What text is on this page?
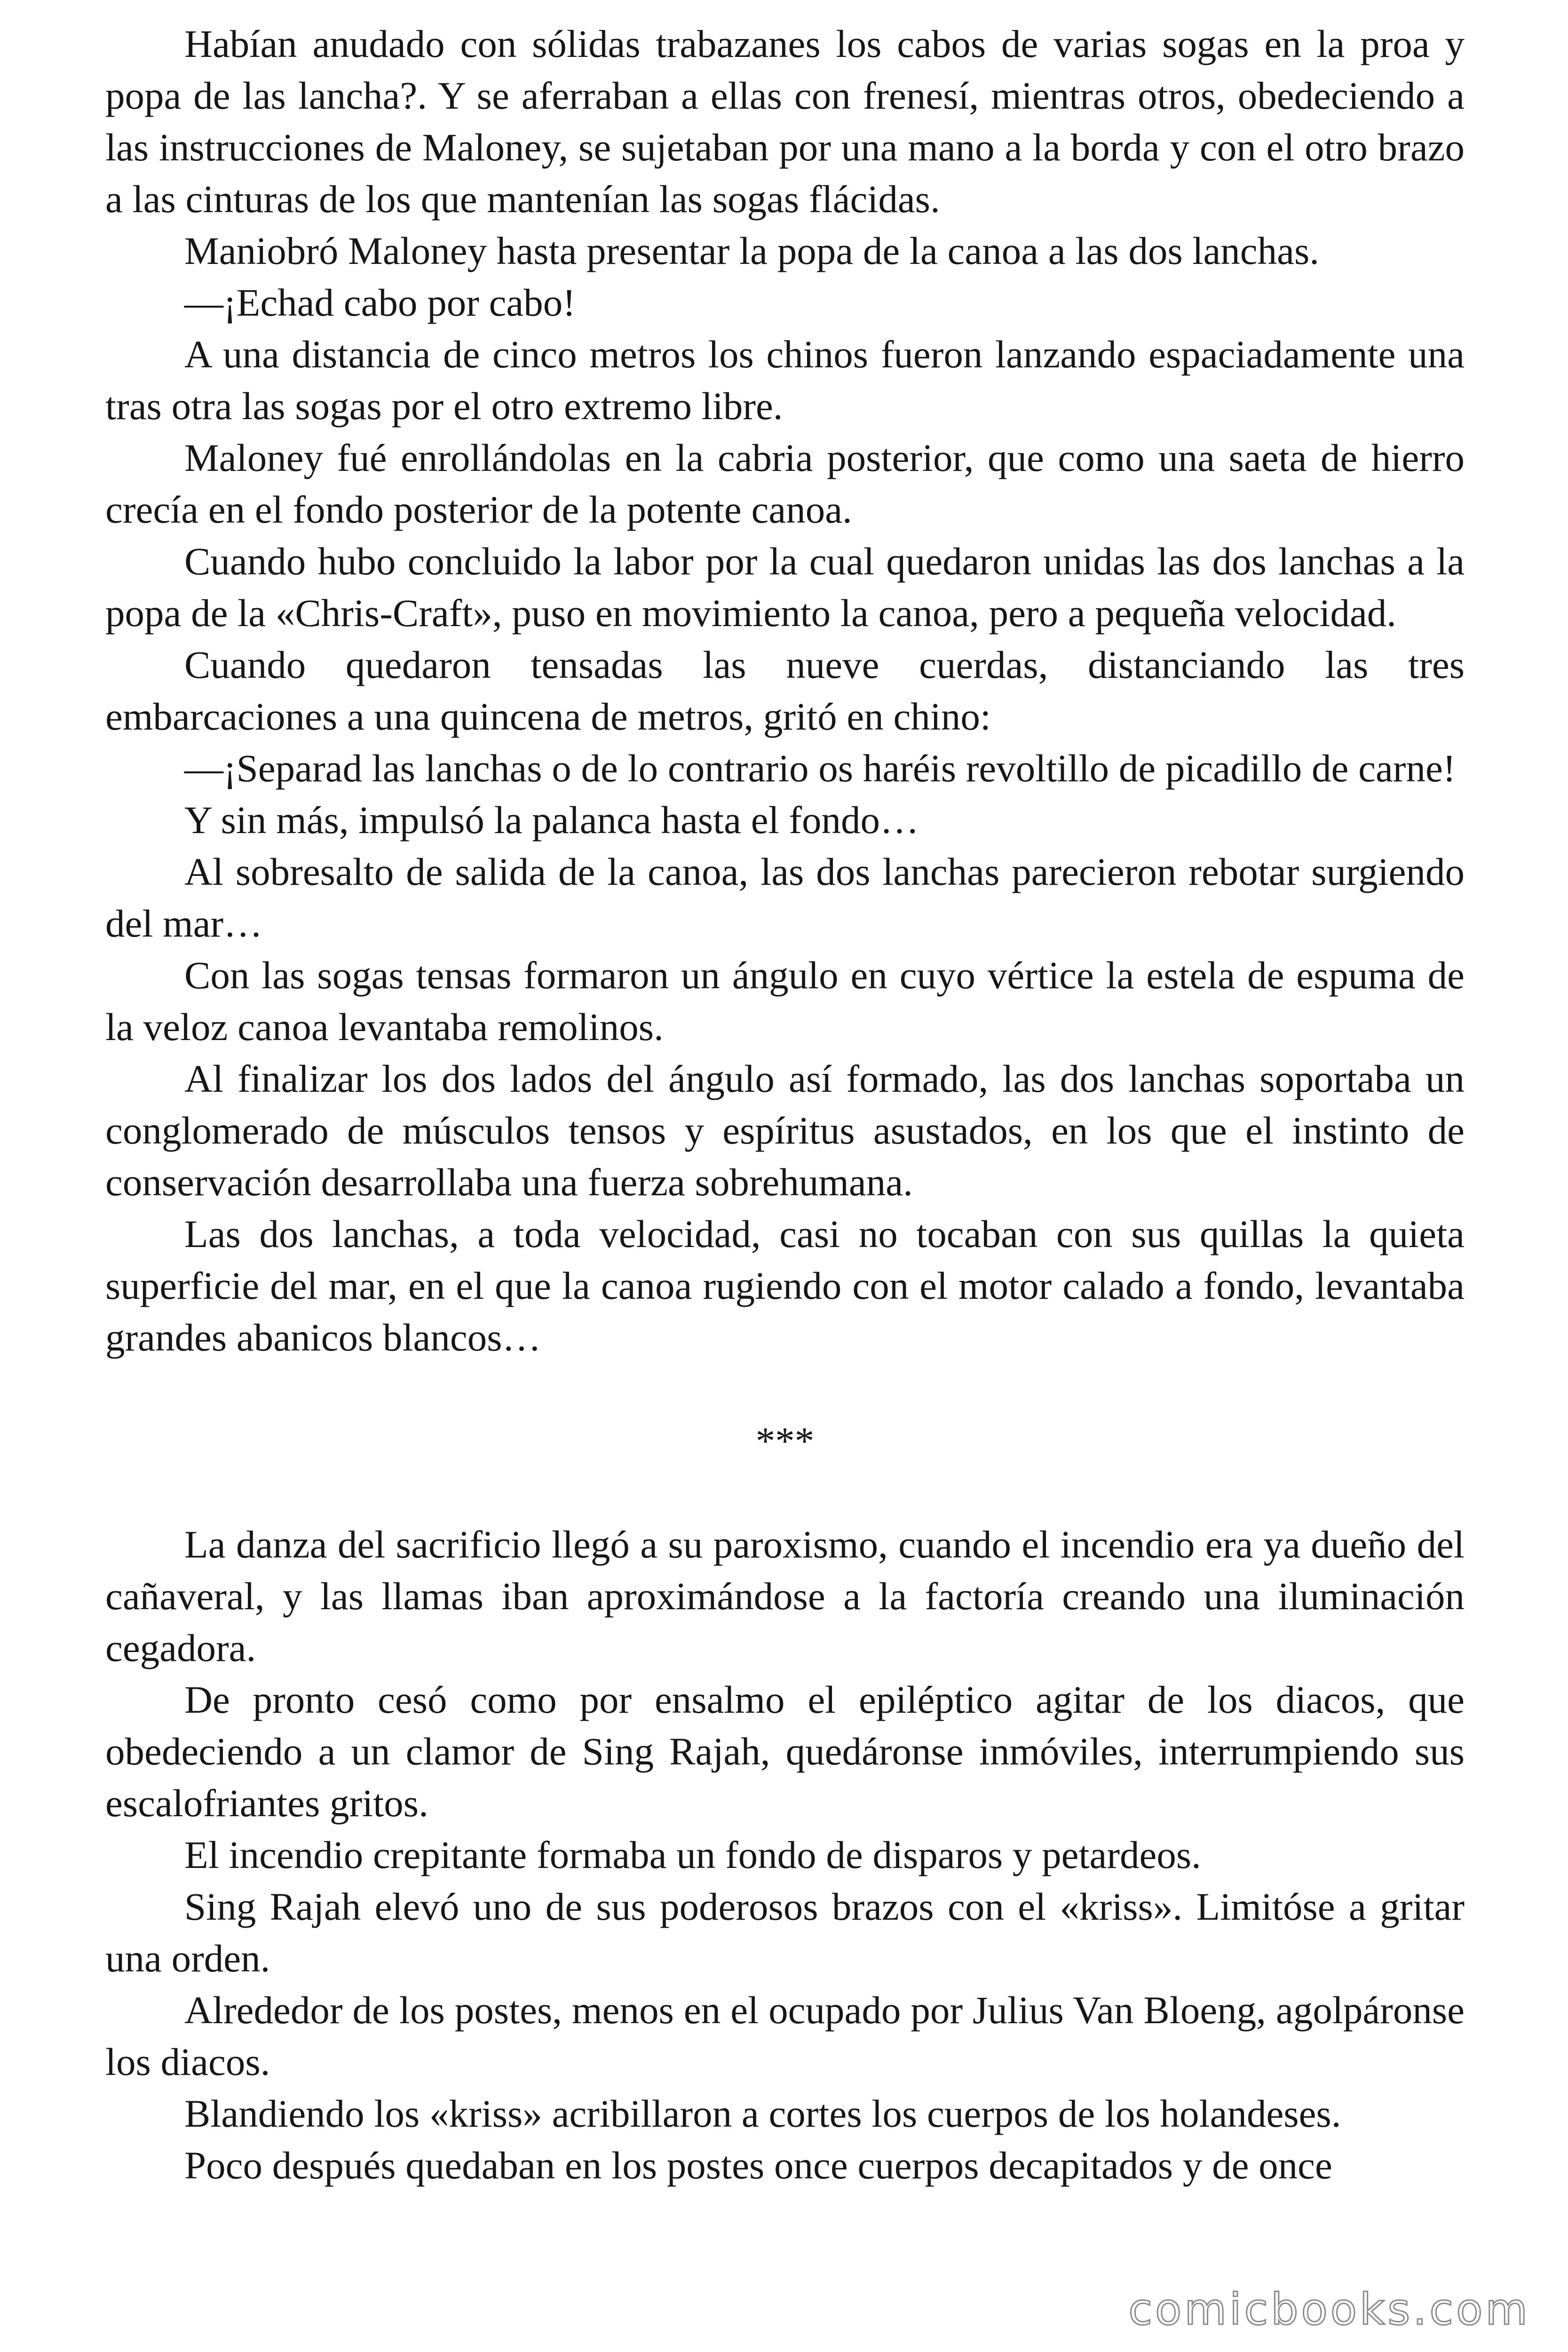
Habían anudado con sólidas trabazanes los cabos de varias sogas en la proa y popa de las lancha?. Y se aferraban a ellas con frenesí, mientras otros, obedeciendo a las instrucciones de Maloney, se sujetaban por una mano a la borda y con el otro brazo a las cinturas de los que mantenían las sogas flácidas.

Maniobró Maloney hasta presentar la popa de la canoa a las dos lanchas.

—¡Echad cabo por cabo!

A una distancia de cinco metros los chinos fueron lanzando espaciadamente una tras otra las sogas por el otro extremo libre.

Maloney fué enrollándolas en la cabria posterior, que como una saeta de hierro crecía en el fondo posterior de la potente canoa.

Cuando hubo concluido la labor por la cual quedaron unidas las dos lanchas a la popa de la «Chris-Craft», puso en movimiento la canoa, pero a pequeña velocidad.

Cuando quedaron tensadas las nueve cuerdas, distanciando las tres embarcaciones a una quincena de metros, gritó en chino:

—¡Separad las lanchas o de lo contrario os haréis revoltillo de picadillo de carne!

Y sin más, impulsó la palanca hasta el fondo…

Al sobresalto de salida de la canoa, las dos lanchas parecieron rebotar surgiendo del mar…

Con las sogas tensas formaron un ángulo en cuyo vértice la estela de espuma de la veloz canoa levantaba remolinos.

Al finalizar los dos lados del ángulo así formado, las dos lanchas soportaba un conglomerado de músculos tensos y espíritus asustados, en los que el instinto de conservación desarrollaba una fuerza sobrehumana.

Las dos lanchas, a toda velocidad, casi no tocaban con sus quillas la quieta superficie del mar, en el que la canoa rugiendo con el motor calado a fondo, levantaba grandes abanicos blancos…

***

La danza del sacrificio llegó a su paroxismo, cuando el incendio era ya dueño del cañaveral, y las llamas iban aproximándose a la factoría creando una iluminación cegadora.

De pronto cesó como por ensalmo el epiléptico agitar de los diacos, que obedeciendo a un clamor de Sing Rajah, quedáronse inmóviles, interrumpiendo sus escalofriantes gritos.

El incendio crepitante formaba un fondo de disparos y petardeos.

Sing Rajah elevó uno de sus poderosos brazos con el «kriss». Limitóse a gritar una orden.

Alrededor de los postes, menos en el ocupado por Julius Van Bloeng, agolpáronse los diacos.

Blandiendo los «kriss» acribillaron a cortes los cuerpos de los holandeses.

Poco después quedaban en los postes once cuerpos decapitados y de once

comicbooks.com
